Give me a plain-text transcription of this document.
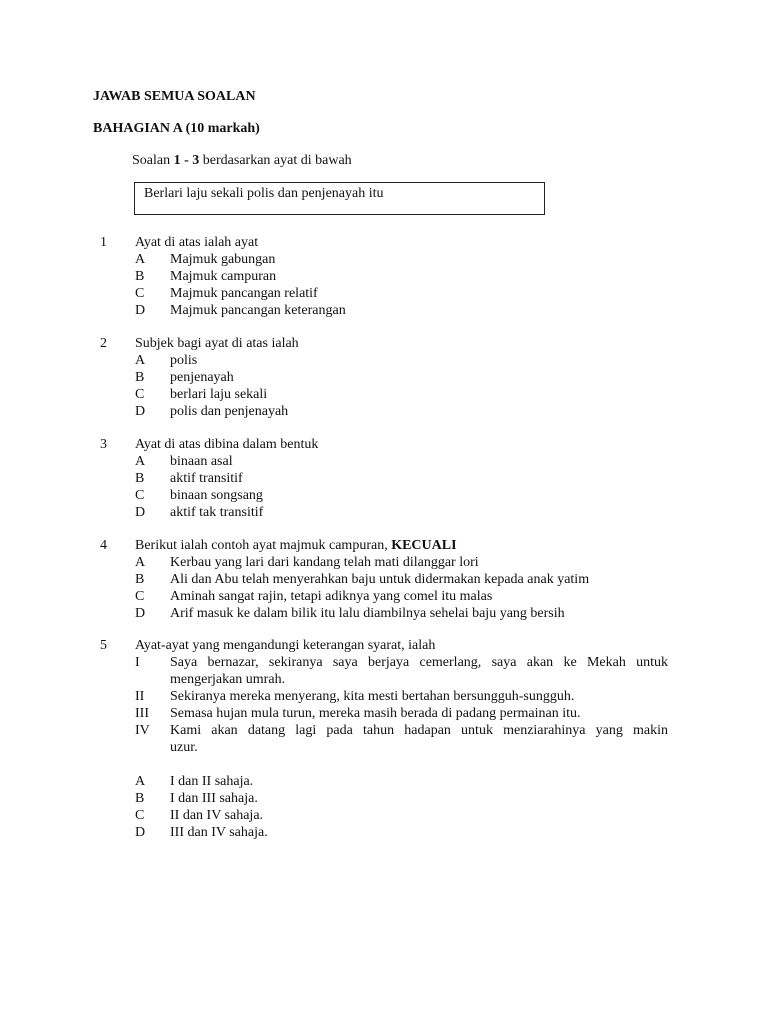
JAWAB SEMUA SOALAN
BAHAGIAN A (10 markah)
Soalan 1 - 3 berdasarkan ayat di bawah
Berlari laju sekali polis dan penjenayah itu
1 Ayat di atas ialah ayat
A Majmuk gabungan
B Majmuk campuran
C Majmuk pancangan relatif
D Majmuk pancangan keterangan
2 Subjek bagi ayat di atas ialah
A polis
B penjenayah
C berlari laju sekali
D polis dan penjenayah
3 Ayat di atas dibina dalam bentuk
A binaan asal
B aktif transitif
C binaan songsang
D aktif tak transitif
4 Berikut ialah contoh ayat majmuk campuran, KECUALI
A Kerbau yang lari dari kandang telah mati dilanggar lori
B Ali dan Abu telah menyerahkan baju untuk didermakan kepada anak yatim
C Aminah sangat rajin, tetapi adiknya yang comel itu malas
D Arif masuk ke dalam bilik itu lalu diambilnya sehelai baju yang bersih
5 Ayat-ayat yang mengandungi keterangan syarat, ialah
I Saya bernazar, sekiranya saya berjaya cemerlang, saya akan ke Mekah untuk
mengerjakan umrah.
II Sekiranya mereka menyerang, kita mesti bertahan bersungguh-sungguh.
III Semasa hujan mula turun, mereka masih berada di padang permainan itu.
IV Kami akan datang lagi pada tahun hadapan untuk menziarahinya yang makin
uzur.
A I dan II sahaja.
B I dan III sahaja.
C II dan IV sahaja.
D III dan IV sahaja.
